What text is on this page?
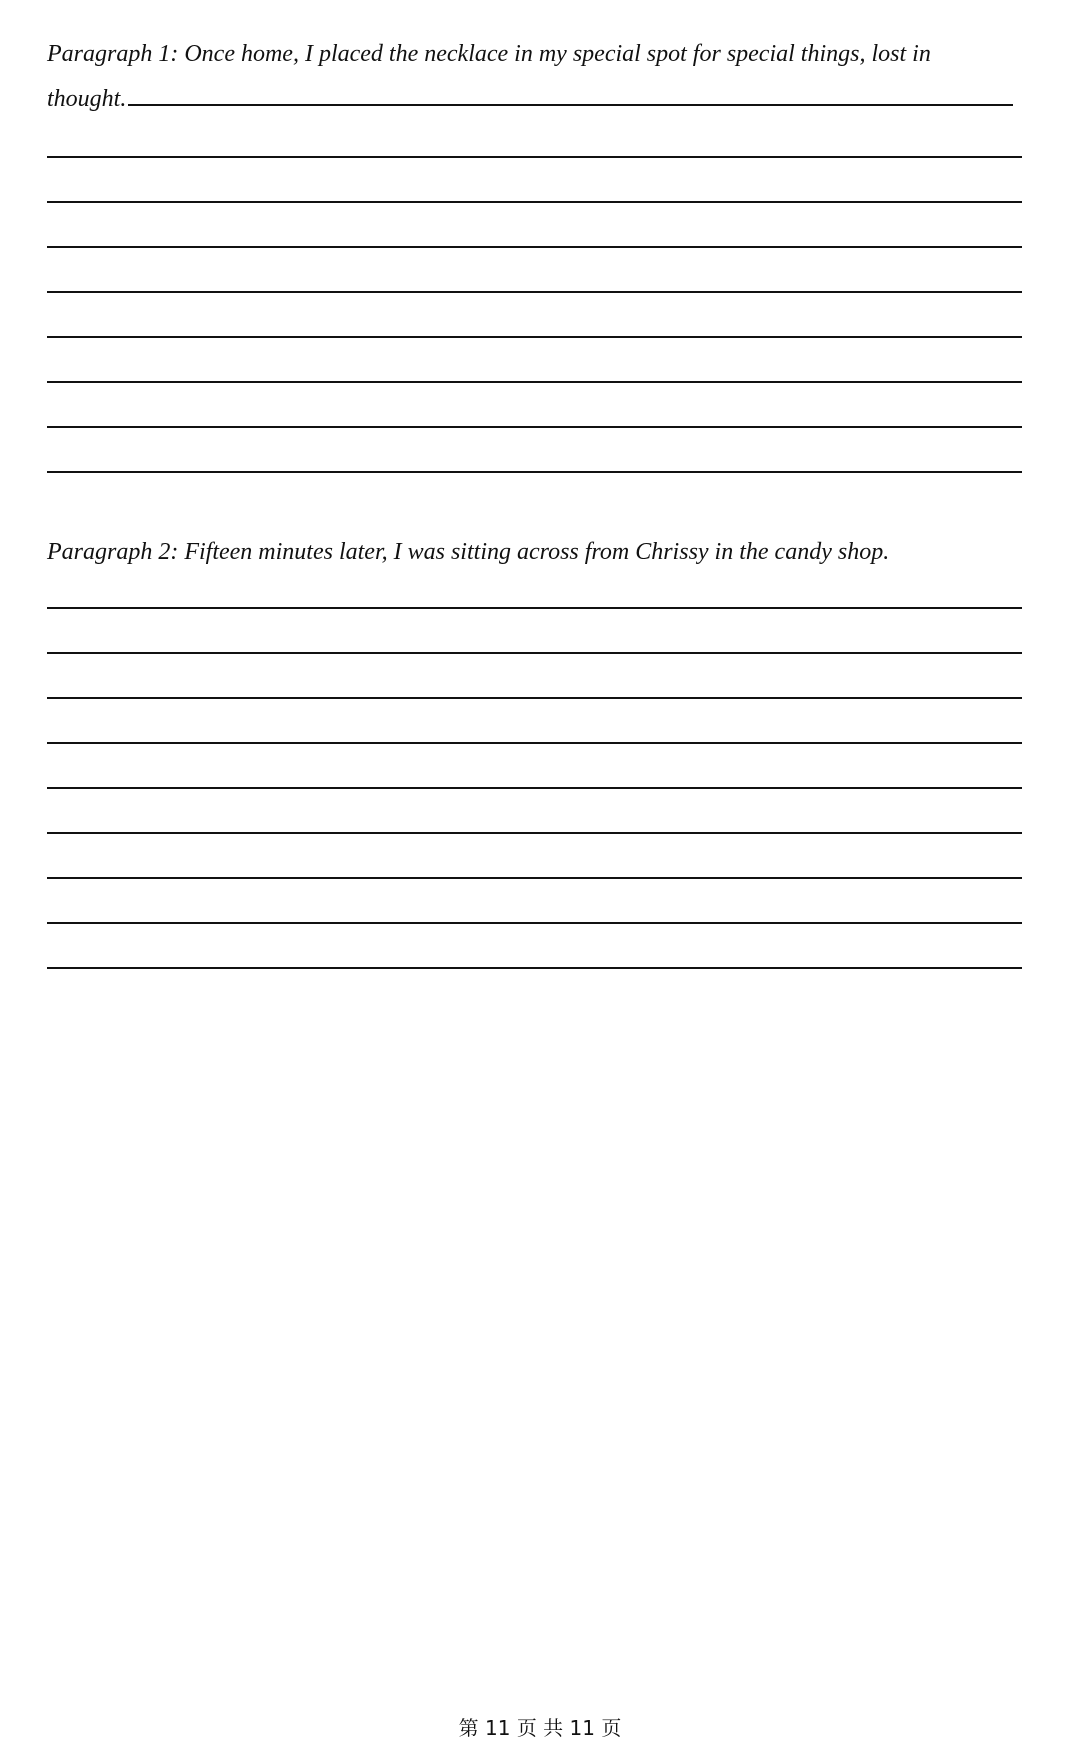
Paragraph 1: Once home, I placed the necklace in my special spot for special things, lost in
thought.

Paragraph 2: Fifteen minutes later, I was sitting across from Chrissy in the candy shop.

第 11 页 共 11 页
